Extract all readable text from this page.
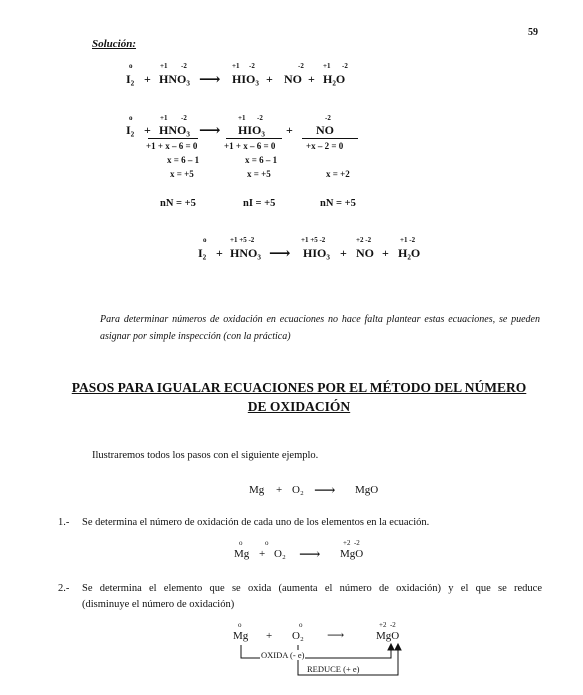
59
Solución:
o	+1 -2	+1 -2	-2	+1 -2
I₂ + HNO₃ ⟶ HIO₃ + NO + H₂O
o	+1 -2	+1 -2	-2
I₂ + HNO₃ ⟶ HIO₃ + NO
+1 + x – 6 = 0
x = 6 – 1
x = +5
+1 + x – 6 = 0
x = 6 – 1
x = +5
+x – 2 = 0
x = +2
nN = +5	nI = +5	nN = +5
o	+1 +5 -2	+1 +5 -2	+2 -2	+1 -2
I₂ + HNO₃ ⟶ HIO₃ + NO + H₂O
Para determinar números de oxidación en ecuaciones no hace falta plantear estas ecuaciones, se pueden asignar por simple inspección (con la práctica)
PASOS PARA IGUALAR ECUACIONES POR EL MÉTODO DEL NÚMERO
DE OXIDACIÓN
Ilustraremos todos los pasos con el siguiente ejemplo.
Mg + O₂ ⟶ MgO
1.- Se determina el número de oxidación de cada uno de los elementos en la ecuación.
o	o	+2  -2
Mg + O₂ ⟶ MgO
2.- Se determina el elemento que se oxida (aumenta el número de oxidación) y el que se reduce
(disminuye el número de oxidación)
o	o	+2  -2
Mg + O₂ ⟶	MgO
OXIDA (- e)
REDUCE (+ e)
